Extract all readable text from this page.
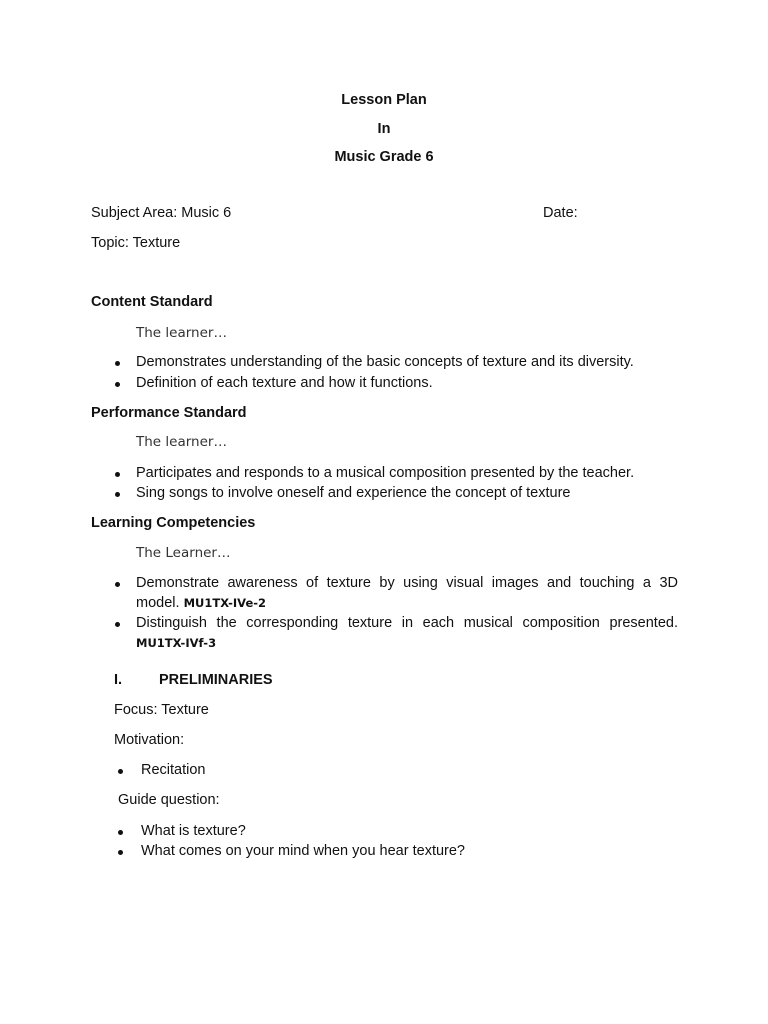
Lesson Plan
In
Music Grade 6
Subject Area: Music 6	Date:
Topic: Texture
Content Standard
The learner…
Demonstrates understanding of the basic concepts of texture and its diversity.
Definition of each texture and how it functions.
Performance Standard
The learner…
Participates and responds to a musical composition presented by the teacher.
Sing songs to involve oneself and experience the concept of texture
Learning Competencies
The Learner…
Demonstrate awareness of texture by using visual images and touching a 3D
model. MU1TX-IVe-2
Distinguish the corresponding texture in each musical composition presented.
MU1TX-IVf-3
I.	PRELIMINARIES
Focus: Texture
Motivation:
Recitation
Guide question:
What is texture?
What comes on your mind when you hear texture?
